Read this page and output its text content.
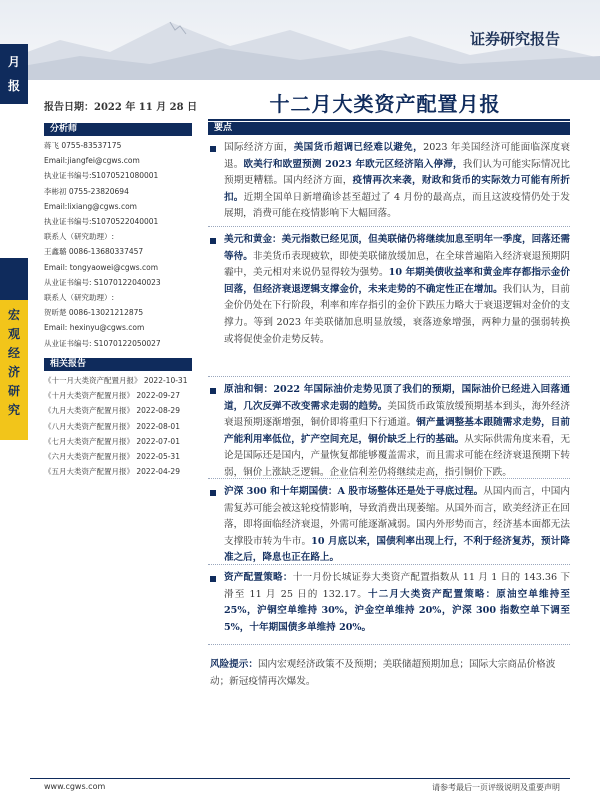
证券研究报告
月
报
宏
观
经
济
研
究
报告日期：2022 年 11 月 28 日	十二月大类资产配置月报
分析师
蒋飞 0755-83537175
Email:jiangfei@cgws.com
执业证书编号:S1070521080001
李彬初 0755-23820694
Email:lixiang@cgws.com
执业证书编号:S1070522040001
联系人（研究助理）:
王鑫璐 0086-13680337457
Email: tongyaowei@cgws.com
从业证书编号: S1070122040023
联系人（研究助理）:
贺昕楚 0086-13021212875
Email: hexinyu@cgws.com
从业证书编号: S1070122050027
相关报告
《十一月大类资产配置月报》 2022-10-31
《十月大类资产配置月报》 2022-09-27
《九月大类资产配置月报》 2022-08-29
《八月大类资产配置月报》 2022-08-01
《七月大类资产配置月报》 2022-07-01
《六月大类资产配置月报》 2022-05-31
《五月大类资产配置月报》 2022-04-29
要点
国际经济方面，美国货币超调已经难以避免，2023 年美国经济可能面临深度衰退。欧美行和欧盟预测 2023 年欧元区经济陷入停滞，我们认为可能实际情况比预期更糟糕。国内经济方面，疫情再次来袭，财政和货币的实际效力可能有所折扣。近期全国单日新增确诊甚至超过了 4 月份的最高点，而且这波疫情仍处于发展期，消费可能在疫情影响下大幅回落。
美元和黄金：美元指数已经见顶，但美联储仍将继续加息至明年一季度，回落还需等待。非美货币表现疲软，即使美联储放缓加息，在全球普遍陷入经济衰退预期阴霾中，美元相对来说仍显得较为强势。10 年期美债收益率和黄金库存都指示金价回落，但经济衰退逻辑支撑金价，未来走势的不确定性正在增加。我们认为，目前金价仍处在下行阶段，利率和库存指引的金价下跌压力略大于衰退逻辑对金价的支撑力。等到 2023 年美联储加息明显放缓，衰落迹象增强，两种力量的强弱转换或将促使金价走势反转。
原油和铜：2022 年国际油价走势见顶了我们的预期，国际油价已经进入回落通道，几次反弹不改变需求走弱的趋势。美国货币政策放缓预期基本到头，海外经济衰退预期逐渐增强，铜价即将重归下行通道。铜产量调整基本跟随需求走势，目前产能利用率低位，扩产空间充足，铜价缺乏上行的基础。从实际供需角度来看，无论是国际还是国内，产量恢复都能够覆盖需求，而且需求可能在经济衰退预期下转弱，铜价上涨缺乏逻辑。企业信利差仍将继续走高，指引铜价下跌。
沪深 300 和十年期国债：A 股市场整体还是处于寻底过程。从国内而言，中国内需复苏可能会被这轮疫情影响，导致消费出现萎缩。从国外而言，欧美经济正在回落，即将面临经济衰退，外需可能逐渐减弱。国内外形势而言，经济基本面都无法支撑股市转为牛市。10 月底以来，国债利率出现上行，不利于经济复苏，预计降准之后，降息也正在路上。
资产配置策略：十一月份长城证券大类资产配置指数从 11 月 1 日的 143.36 下滑至 11 月 25 日的 132.17。十二月大类资产配置策略：原油空单维持至 25%，沪铜空单维持 30%，沪金空单维持 20%，沪深 300 指数空单下调至 5%，十年期国债多单维持 20%。
风险提示：国内宏观经济政策不及预期；美联储超预期加息；国际大宗商品价格波动；新冠疫情再次爆发。
www.cgws.com	请参考最后一页评级说明及重要声明
